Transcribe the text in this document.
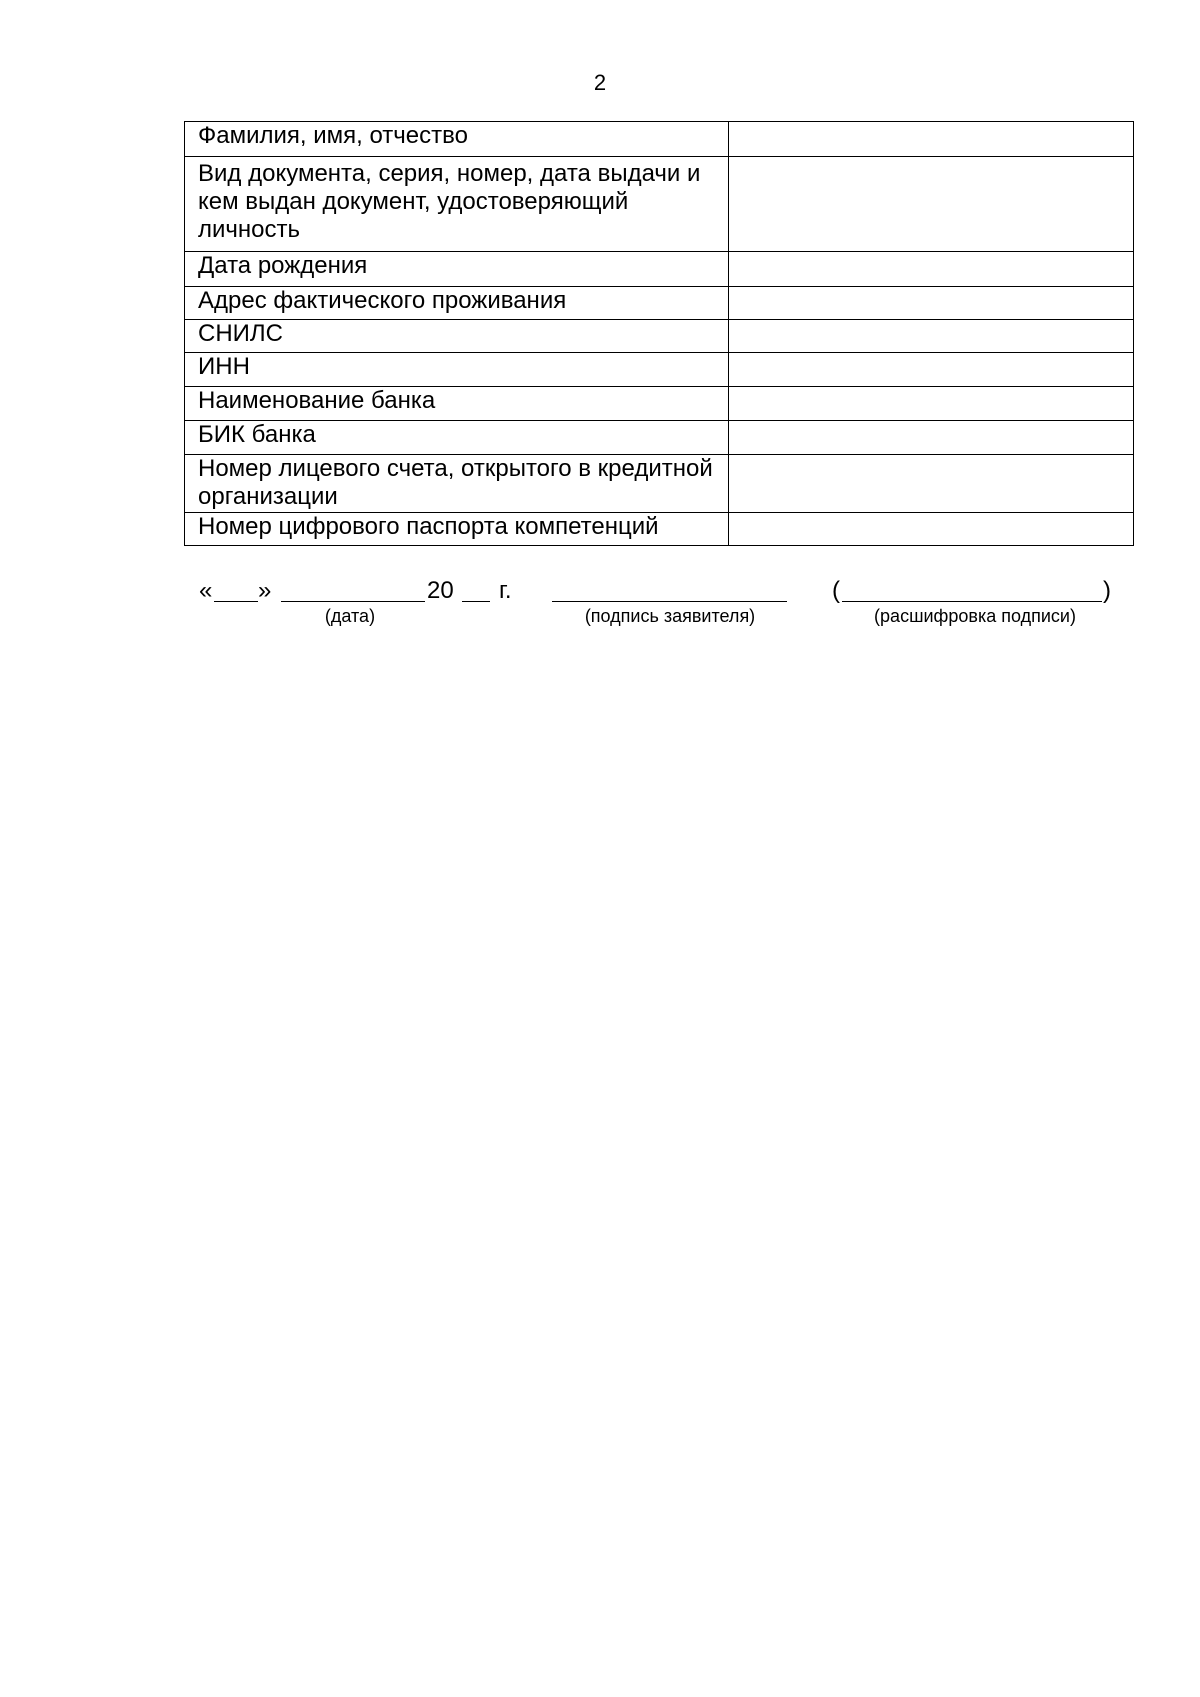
2
Фамилия, имя, отчество	
Вид документа, серия, номер, дата выдачи и кем выдан документ, удостоверяющий личность	
Дата рождения	
Адрес фактического проживания	
СНИЛС	
ИНН	
Наименование банка	
БИК банка	
Номер лицевого счета, открытого в кредитной организации	
Номер цифрового паспорта компетенций	
« »	20 г.	(	)
(дата)	(подпись заявителя)	(расшифровка подписи)
